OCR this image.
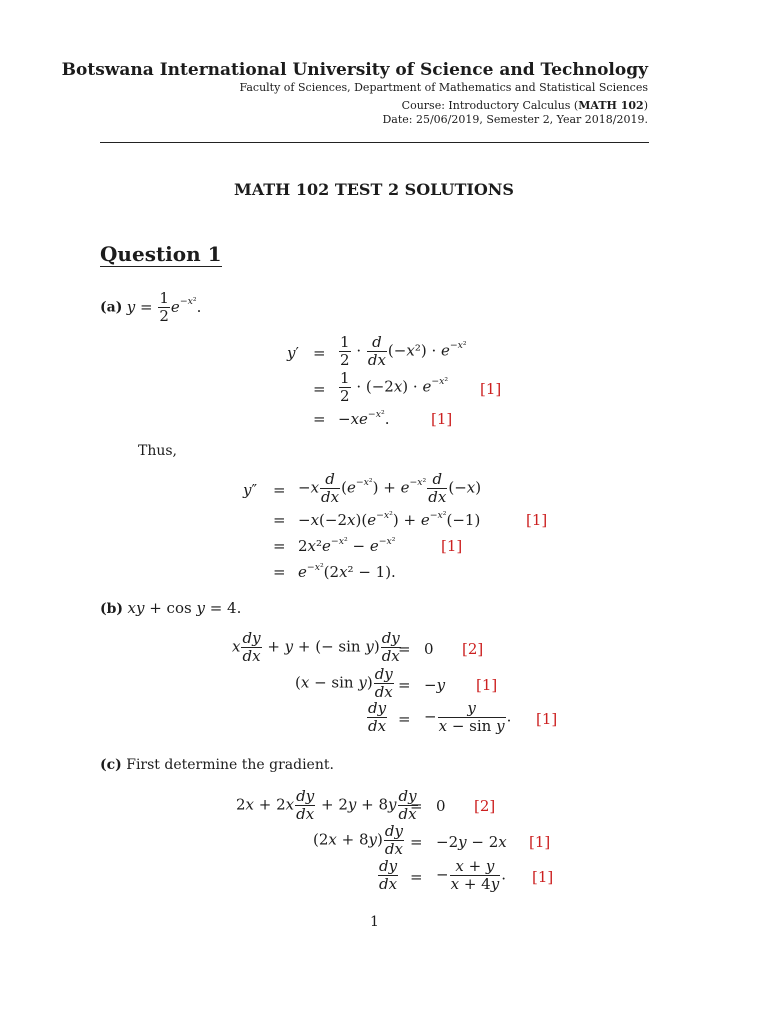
Botswana International University of Science and Technology
Faculty of Sciences, Department of Mathematics and Statistical Sciences
Course: Introductory Calculus (MATH 102)
Date: 25/06/2019, Semester 2, Year 2018/2019.
MATH 102 TEST 2 SOLUTIONS
Question 1
(a) $y = \frac{1}{2} e^{-x^2}$.
$y' = \frac{1}{2} \cdot \frac{d}{dx} (-x^2) \cdot e^{-x^2}$
= $\frac{1}{2} \cdot (-2x) \cdot e^{-x^2}$ [1]
= $-xe^{-x^2}$.	[1]
Thus,
$y'' = -x \frac{d}{dx} (e^{-x^2}) + e^{-x^2} \frac{d}{dx} (-x)$
= $-x(-2x)(e^{-x^2}) + e^{-x^2}(-1)$	[1]
= $2x^2e^{-x^2} - e^{-x^2}$	[1]
= $e^{-x^2}(2x^2 - 1)$.
(b) xy + cos y = 4.
x $\frac{dy}{dx} + y$ + (− $\sin y) \frac{dy}{dx}$
= 0 [2]
$(x - \sin y) \frac{dy}{dx} = -y$ [1]
$\frac{dy}{dx}$ = − $\frac{y}{\text{x − sin y}}$ . [1]
(c) First determine the gradient.
$2x + 2x \frac{dy}{dx} + 2y + 8y \frac{dy}{dx}$
= 0 [2]
$(2x + 8y) \frac{dy}{dx} = -2y - 2x$ [1]
$\frac{dy}{dx}$ = − $\frac{x + y}{x + 4y}$ . [1]
1
